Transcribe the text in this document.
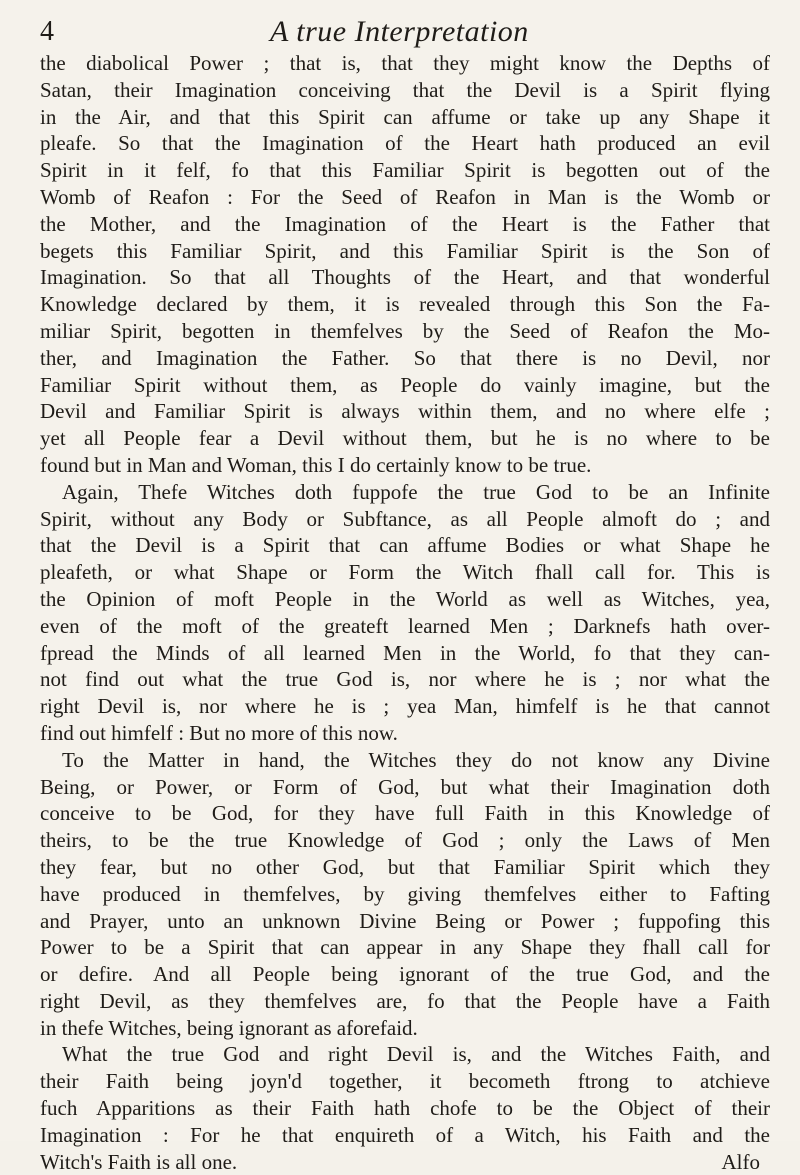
4	A true Interpretation
the diabolical Power ; that is, that they might know the Depths of
Satan, their Imagination conceiving that the Devil is a Spirit flying
in the Air, and that this Spirit can affume or take up any Shape it
pleafe. So that the Imagination of the Heart hath produced an evil
Spirit in it felf, fo that this Familiar Spirit is begotten out of the
Womb of Reafon : For the Seed of Reafon in Man is the Womb or
the Mother, and the Imagination of the Heart is the Father that
begets this Familiar Spirit, and this Familiar Spirit is the Son of
Imagination. So that all Thoughts of the Heart, and that wonderful
Knowledge declared by them, it is revealed through this Son the Fa-
miliar Spirit, begotten in themfelves by the Seed of Reafon the Mo-
ther, and Imagination the Father. So that there is no Devil, nor
Familiar Spirit without them, as People do vainly imagine, but the
Devil and Familiar Spirit is always within them, and no where elfe ;
yet all People fear a Devil without them, but he is no where to be
found but in Man and Woman, this I do certainly know to be true.
Again, Thefe Witches doth fuppofe the true God to be an Infinite
Spirit, without any Body or Subftance, as all People almoft do ; and
that the Devil is a Spirit that can affume Bodies or what Shape he
pleafeth, or what Shape or Form the Witch fhall call for. This is
the Opinion of moft People in the World as well as Witches, yea,
even of the moft of the greateft learned Men ; Darknefs hath over-
fpread the Minds of all learned Men in the World, fo that they can-
not find out what the true God is, nor where he is ; nor what the
right Devil is, nor where he is ; yea Man, himfelf is he that cannot
find out himfelf : But no more of this now.
To the Matter in hand, the Witches they do not know any Divine
Being, or Power, or Form of God, but what their Imagination doth
conceive to be God, for they have full Faith in this Knowledge of
theirs, to be the true Knowledge of God ; only the Laws of Men
they fear, but no other God, but that Familiar Spirit which they
have produced in themfelves, by giving themfelves either to Fafting
and Prayer, unto an unknown Divine Being or Power ; fuppofing this
Power to be a Spirit that can appear in any Shape they fhall call for
or defire. And all People being ignorant of the true God, and the
right Devil, as they themfelves are, fo that the People have a Faith
in thefe Witches, being ignorant as aforefaid.
What the true God and right Devil is, and the Witches Faith, and
their Faith being joyn'd together, it becometh ftrong to atchieve
fuch Apparitions as their Faith hath chofe to be the Object of their
Imagination : For he that enquireth of a Witch, his Faith and the
Witch's Faith is all one.	Alfo
